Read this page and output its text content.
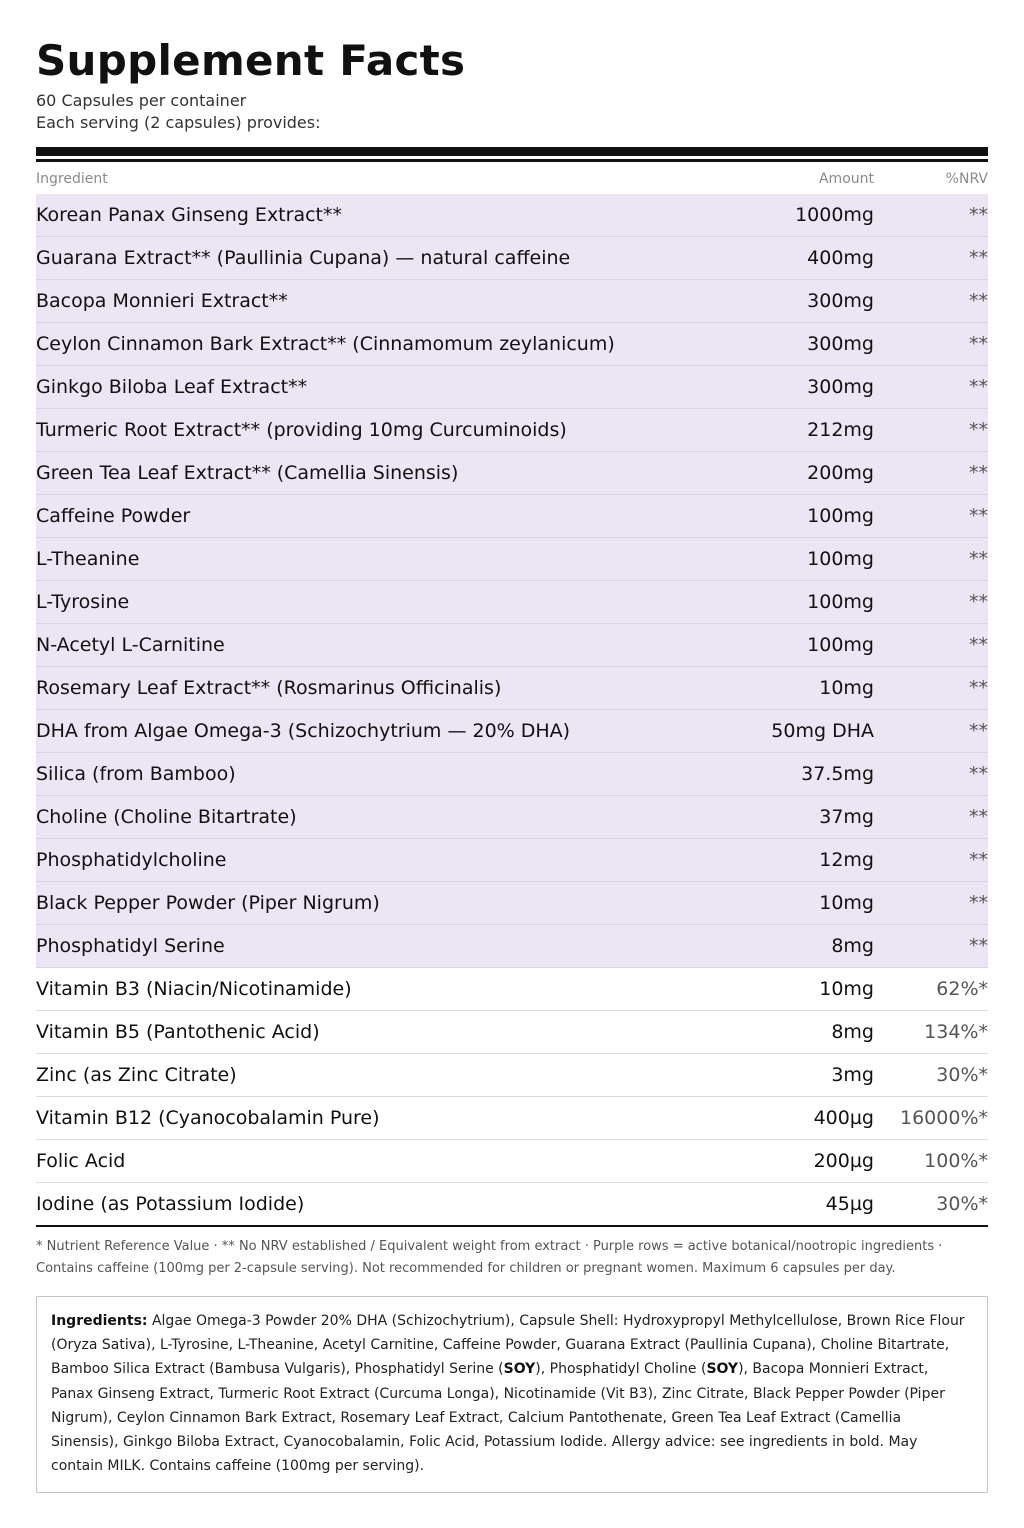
Supplement Facts
60 Capsules per container
Each serving (2 capsules) provides:
Ingredient	Amount	%NRV
Korean Panax Ginseng Extract**	1000mg	**
Guarana Extract** (Paullinia Cupana) — natural caffeine	400mg	**
Bacopa Monnieri Extract**	300mg	**
Ceylon Cinnamon Bark Extract** (Cinnamomum zeylanicum)	300mg	**
Ginkgo Biloba Leaf Extract**	300mg	**
Turmeric Root Extract** (providing 10mg Curcuminoids)	212mg	**
Green Tea Leaf Extract** (Camellia Sinensis)	200mg	**
Caffeine Powder	100mg	**
L-Theanine	100mg	**
L-Tyrosine	100mg	**
N-Acetyl L-Carnitine	100mg	**
Rosemary Leaf Extract** (Rosmarinus Officinalis)	10mg	**
DHA from Algae Omega-3 (Schizochytrium — 20% DHA)	50mg DHA	**
Silica (from Bamboo)	37.5mg	**
Choline (Choline Bitartrate)	37mg	**
Phosphatidylcholine	12mg	**
Black Pepper Powder (Piper Nigrum)	10mg	**
Phosphatidyl Serine	8mg	**
Vitamin B3 (Niacin/Nicotinamide)	10mg	62%*
Vitamin B5 (Pantothenic Acid)	8mg	134%*
Zinc (as Zinc Citrate)	3mg	30%*
Vitamin B12 (Cyanocobalamin Pure)	400µg	16000%*
Folic Acid	200µg	100%*
Iodine (as Potassium Iodide)	45µg	30%*
* Nutrient Reference Value · ** No NRV established / Equivalent weight from extract · Purple rows = active botanical/nootropic ingredients · Contains caffeine (100mg per 2-capsule serving). Not recommended for children or pregnant women. Maximum 6 capsules per day.
Ingredients: Algae Omega-3 Powder 20% DHA (Schizochytrium), Capsule Shell: Hydroxypropyl Methylcellulose, Brown Rice Flour (Oryza Sativa), L-Tyrosine, L-Theanine, Acetyl Carnitine, Caffeine Powder, Guarana Extract (Paullinia Cupana), Choline Bitartrate, Bamboo Silica Extract (Bambusa Vulgaris), Phosphatidyl Serine (SOY), Phosphatidyl Choline (SOY), Bacopa Monnieri Extract, Panax Ginseng Extract, Turmeric Root Extract (Curcuma Longa), Nicotinamide (Vit B3), Zinc Citrate, Black Pepper Powder (Piper Nigrum), Ceylon Cinnamon Bark Extract, Rosemary Leaf Extract, Calcium Pantothenate, Green Tea Leaf Extract (Camellia Sinensis), Ginkgo Biloba Extract, Cyanocobalamin, Folic Acid, Potassium Iodide. Allergy advice: see ingredients in bold. May contain MILK. Contains caffeine (100mg per serving).
